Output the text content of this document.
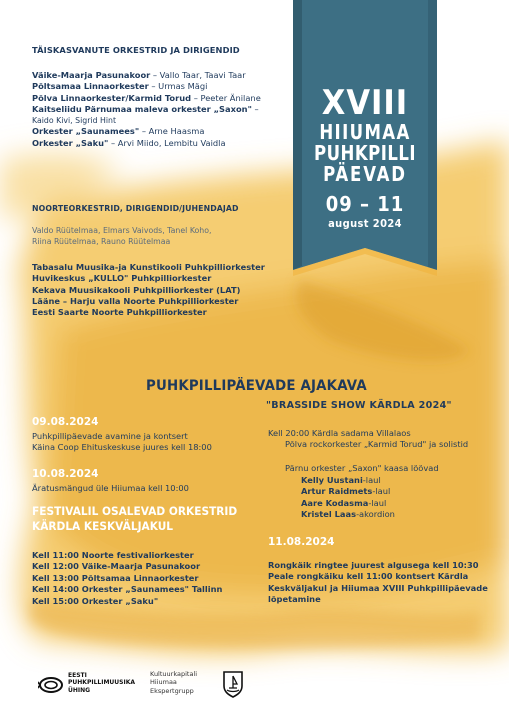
TÄISKASVANUTE ORKESTRID JA DIRIGENDID
Väike-Maarja Pasunakoor – Vallo Taar, Taavi Taar
Põltsamaa Linnaorkester – Urmas Mägi
Põlva Linnaorkester/Karmid Torud – Peeter Änilane
Kaitseliidu Pärnumaa maleva orkester „Saxon" –
Kaido Kivi, Sigrid Hint
Orkester „Saunamees" – Arne Haasma
Orkester „Saku" – Arvi Miido, Lembitu Vaidla
NOORTEORKESTRID, DIRIGENDID/JUHENDAJAD
Valdo Rüütelmaa, Elmars Vaivods, Tanel Koho,
Riina Rüütelmaa, Rauno Rüütelmaa
Tabasalu Muusika-ja Kunstikooli Puhkpilliorkester
Huvikeskus „KULLO" Puhkpilliorkester
Kekava Muusikakooli Puhkpilliorkester (LAT)
Lääne – Harju valla Noorte Puhkpilliorkester
Eesti Saarte Noorte Puhkpilliorkester
XVIII
HIIUMAA
PUHKPILLI
PÄEVAD
09 – 11
august 2024
PUHKPILLIPÄEVADE AJAKAVA
"BRASSIDE SHOW KÄRDLA 2024"
09.08.2024
Puhkpillipäevade avamine ja kontsert
Käina Coop Ehituskeskuse juures kell 18:00
10.08.2024
Äratusmängud üle Hiiumaa kell 10:00
FESTIVALIL OSALEVAD ORKESTRID
KÄRDLA KESKVÄLJAKUL
Kell 11:00 Noorte festivaliorkester
Kell 12:00 Väike-Maarja Pasunakoor
Kell 13:00 Põltsamaa Linnaorkester
Kell 14:00 Orkester „Saunamees" Tallinn
Kell 15:00 Orkester „Saku"
Kell 20:00 Kärdla sadama Villalaos
Põlva rockorkester „Karmid Torud" ja solistid
Pärnu orkester „Saxon" kaasa löövad
Kelly Uustani-laul
Artur Raidmets-laul
Aare Kodasma-laul
Kristel Laas-akordion
11.08.2024
Rongkäik ringtee juurest algusega kell 10:30
Peale rongkäiku kell 11:00 kontsert Kärdla
Keskväljakul ja Hiiumaa XVIII Puhkpillipäevade
lõpetamine
EESTI
PUHKPILLIMUUSIKA
ÜHING
Kultuurkapitali
Hiiumaa
Ekspertgrupp
